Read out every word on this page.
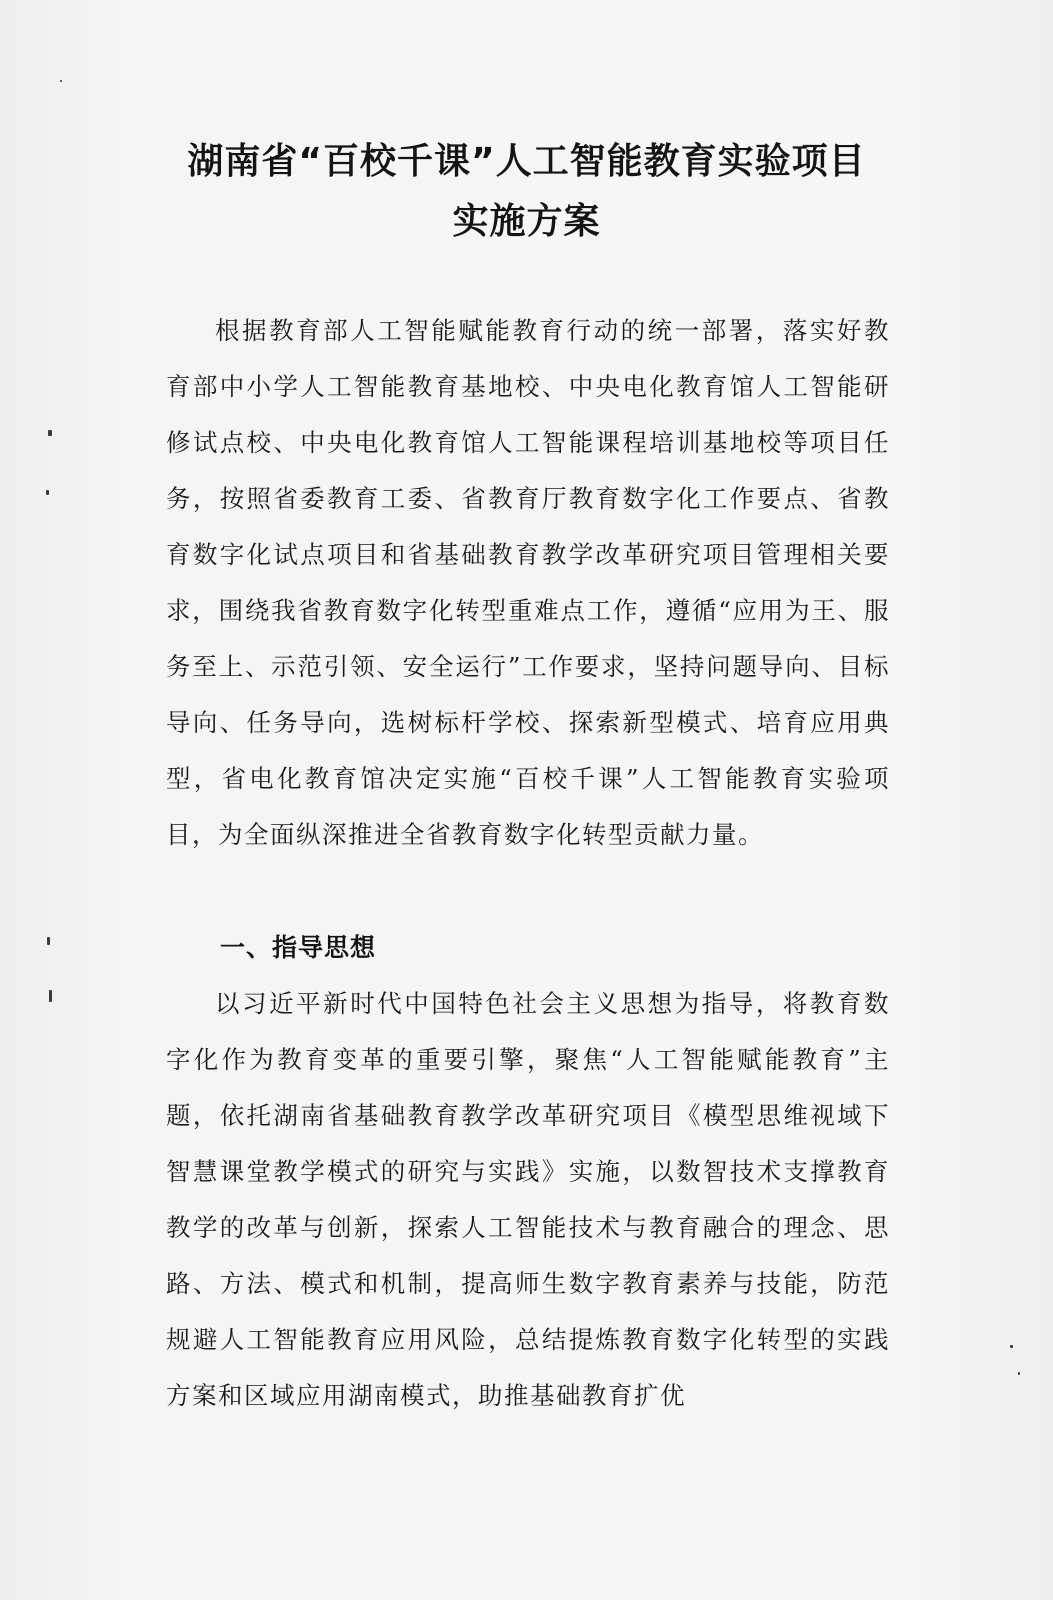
湖南省“百校千课”人工智能教育实验项目
实施方案

根据教育部人工智能赋能教育行动的统一部署，落实好教育部中小学人工智能教育基地校、中央电化教育馆人工智能研修试点校、中央电化教育馆人工智能课程培训基地校等项目任务，按照省委教育工委、省教育厅教育数字化工作要点、省教育数字化试点项目和省基础教育教学改革研究项目管理相关要求，围绕我省教育数字化转型重难点工作，遵循“应用为王、服务至上、示范引领、安全运行”工作要求，坚持问题导向、目标导向、任务导向，选树标杆学校、探索新型模式、培育应用典型，省电化教育馆决定实施“百校千课”人工智能教育实验项目，为全面纵深推进全省教育数字化转型贡献力量。

一、指导思想

以习近平新时代中国特色社会主义思想为指导，将教育数字化作为教育变革的重要引擎，聚焦“人工智能赋能教育”主题，依托湖南省基础教育教学改革研究项目《模型思维视域下智慧课堂教学模式的研究与实践》实施，以数智技术支撑教育教学的改革与创新，探索人工智能技术与教育融合的理念、思路、方法、模式和机制，提高师生数字教育素养与技能，防范规避人工智能教育应用风险，总结提炼教育数字化转型的实践方案和区域应用湖南模式，助推基础教育扩优
